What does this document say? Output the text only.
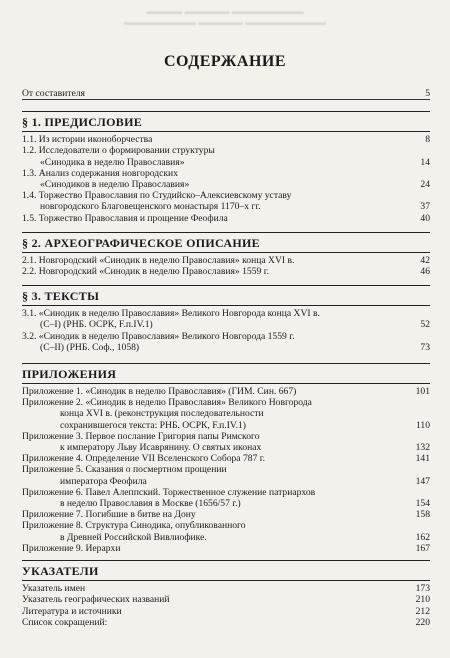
▬▬▬▬ ▬▬▬▬▬ ▬▬▬▬▬▬▬▬
▬▬▬▬▬▬▬▬ ▬▬▬▬▬ ▬▬▬▬▬▬▬▬▬
СОДЕРЖАНИЕ
От составителя	5
§ 1. ПРЕДИСЛОВИЕ
1.1. Из истории иконоборчества	8
1.2. Исследователи о формировании структуры
«Синодика в неделю Православия»	14
1.3. Анализ содержания новгородских
«Синодиков в неделю Православия»	24
1.4. Торжество Православия по Студийско–Алексиевскому уставу
новгородского Благовещенского монастыря 1170–х гг.	37
1.5. Торжество Православия и прощение Феофила	40
§ 2. АРХЕОГРАФИЧЕСКОЕ ОПИСАНИЕ
2.1. Новгородский «Синодик в неделю Православия» конца XVI в.	42
2.2. Новгородский «Синодик в неделю Православия» 1559 г.	46
§ 3. ТЕКСТЫ
3.1. «Синодик в неделю Православия» Великого Новгорода конца XVI в.
(С–I) (РНБ. ОСРК, F.п.IV.1)	52
3.2. «Синодик в неделю Православия» Великого Новгорода 1559 г.
(С–II) (РНБ. Соф., 1058)	73
ПРИЛОЖЕНИЯ
Приложение 1. «Синодик в неделю Православия» (ГИМ. Син. 667)	101
Приложение 2. «Синодик в неделю Православия» Великого Новгорода
конца XVI в. (реконструкция последовательности
сохранившегося текста: РНБ. ОСРК, F.п.IV.1)	110
Приложение 3. Первое послание Григория папы Римского
к императору Льву Исаврянину. О святых иконах	132
Приложение 4. Определение VII Вселенского Собора 787 г.	141
Приложение 5. Сказания о посмертном прощении
императора Феофила	147
Приложение 6. Павел Алеппский. Торжественное служение патриархов
в неделю Православия в Москве (1656/57 г.)	154
Приложение 7. Погибшие в битве на Дону	158
Приложение 8. Структура Синодика, опубликованного
в Древней Российской Вивлиофике.	162
Приложение 9. Иерархи	167
УКАЗАТЕЛИ
Указатель имен	173
Указатель географических названий	210
Литература и источники	212
Список сокращений:	220
